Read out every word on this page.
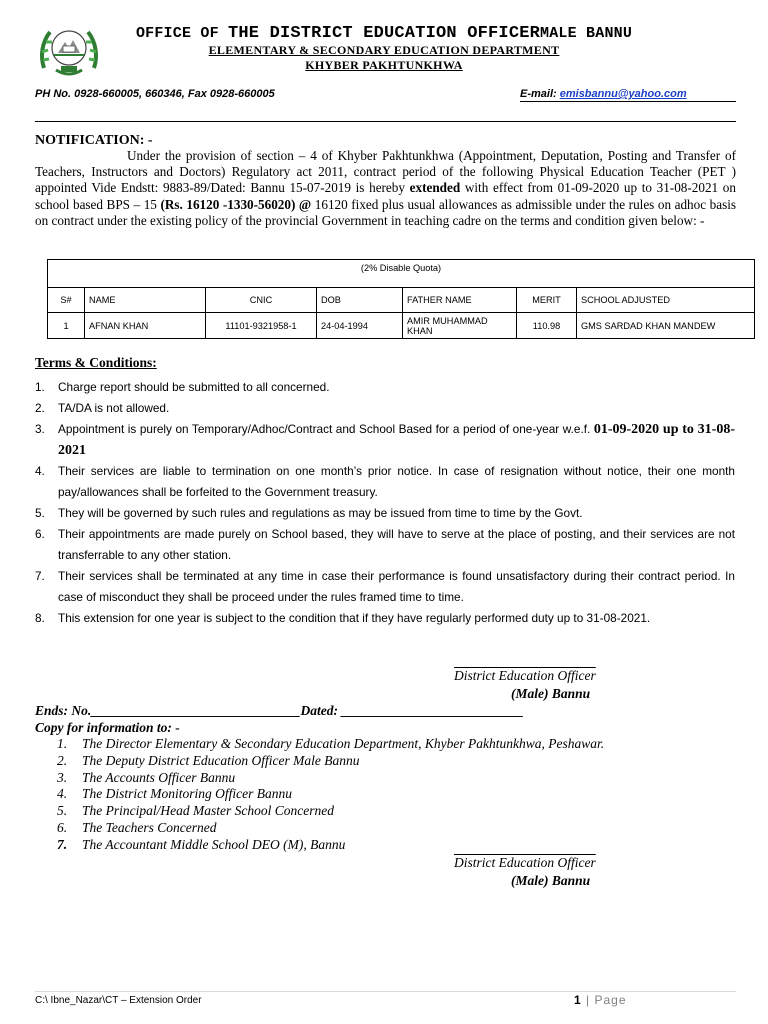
OFFICE OF THE DISTRICT EDUCATION OFFICERMALE BANNU
ELEMENTARY & SECONDARY EDUCATION DEPARTMENT
KHYBER PAKHTUNKHWA
PH No. 0928-660005, 660346, Fax 0928-660005	E-mail: emisbannu@yahoo.com
NOTIFICATION: -
Under the provision of section – 4 of Khyber Pakhtunkhwa (Appointment, Deputation, Posting and Transfer of Teachers, Instructors and Doctors) Regulatory act 2011, contract period of the following Physical Education Teacher (PET ) appointed Vide Endstt: 9883-89/Dated: Bannu 15-07-2019 is hereby extended with effect from 01-09-2020 up to 31-08-2021 on school based BPS – 15 (Rs. 16120 -1330-56020) @ 16120 fixed plus usual allowances as admissible under the rules on adhoc basis on contract under the existing policy of the provincial Government in teaching cadre on the terms and condition given below: -
(2% Disable Quota)						
S#	NAME	CNIC	DOB	FATHER NAME	MERIT	SCHOOL ADJUSTED
1	AFNAN KHAN	11101-9321958-1	24-04-1994	AMIR MUHAMMAD KHAN	110.98	GMS SARDAD KHAN MANDEW
Terms & Conditions:
1. Charge report should be submitted to all concerned.
2. TA/DA is not allowed.
3. Appointment is purely on Temporary/Adhoc/Contract and School Based for a period of one-year w.e.f. 01-09-2020 up to 31-08-2021
4. Their services are liable to termination on one month’s prior notice. In case of resignation without notice, their one month pay/allowances shall be forfeited to the Government treasury.
5. They will be governed by such rules and regulations as may be issued from time to time by the Govt.
6. Their appointments are made purely on School based, they will have to serve at the place of posting, and their services are not transferrable to any other station.
7. Their services shall be terminated at any time in case their performance is found unsatisfactory during their contract period. In case of misconduct they shall be proceed under the rules framed time to time.
8. This extension for one year is subject to the condition that if they have regularly performed duty up to 31-08-2021.
District Education Officer
(Male) Bannu
Ends: No._______________________________Dated: ___________________________
Copy for information to: -
1. The Director Elementary & Secondary Education Department, Khyber Pakhtunkhwa, Peshawar.
2. The Deputy District Education Officer Male Bannu
3. The Accounts Officer Bannu
4. The District Monitoring Officer Bannu
5. The Principal/Head Master School Concerned
6. The Teachers Concerned
7. The Accountant Middle School DEO (M), Bannu
District Education Officer
(Male) Bannu
C:\ Ibne_Nazar\CT – Extension Order	1 | Page
